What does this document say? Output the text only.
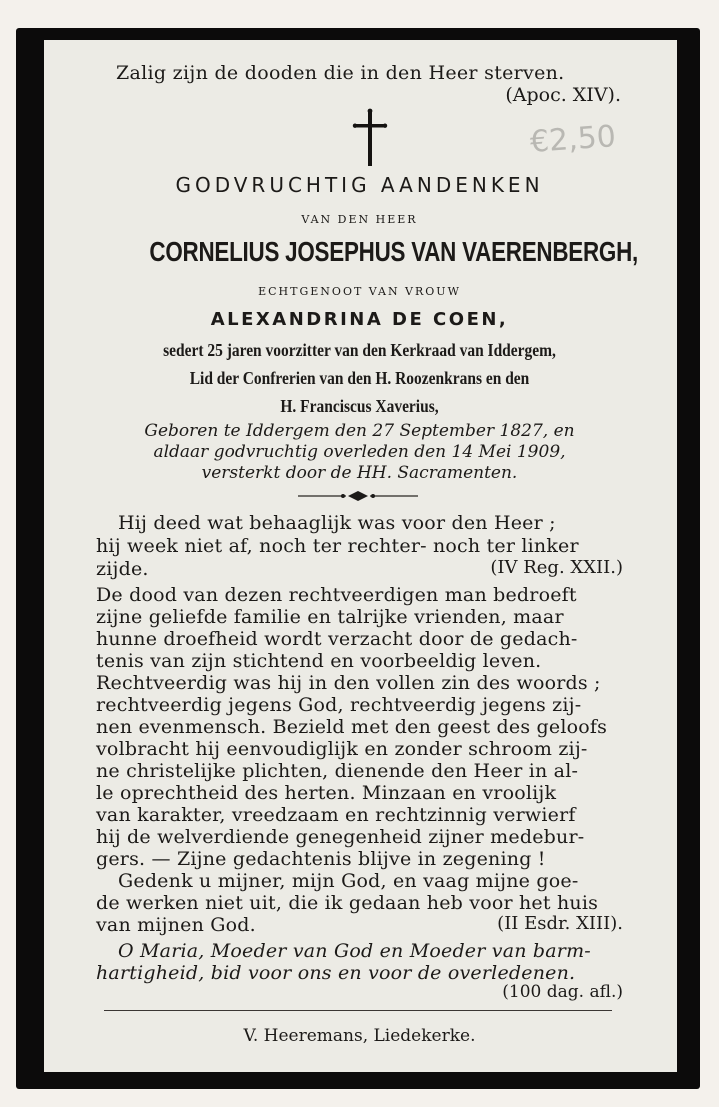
€2,50
Zalig zijn de dooden die in den Heer sterven.
(Apoc. XIV).
GODVRUCHTIG AANDENKEN
VAN DEN HEER
CORNELIUS JOSEPHUS VAN VAERENBERGH,
ECHTGENOOT VAN VROUW
ALEXANDRINA DE COEN,
sedert 25 jaren voorzitter van den Kerkraad van Iddergem,
Lid der Confrerien van den H. Roozenkrans en den
H. Franciscus Xaverius,
Geboren te Iddergem den 27 September 1827, en
aldaar godvruchtig overleden den 14 Mei 1909,
versterkt door de HH. Sacramenten.
Hij deed wat behaaglijk was voor den Heer ;
hij week niet af, noch ter rechter- noch ter linker
zijde.	(IV Reg. XXII.)
De dood van dezen rechtveerdigen man bedroeft
zijne geliefde familie en talrijke vrienden, maar
hunne droefheid wordt verzacht door de gedach-
tenis van zijn stichtend en voorbeeldig leven.
Rechtveerdig was hij in den vollen zin des woords ;
rechtveerdig jegens God, rechtveerdig jegens zij-
nen evenmensch. Bezield met den geest des geloofs
volbracht hij eenvoudiglijk en zonder schroom zij-
ne christelijke plichten, dienende den Heer in al-
le oprechtheid des herten. Minzaan en vroolijk
van karakter, vreedzaam en rechtzinnig verwierf
hij de welverdiende genegenheid zijner medebur-
gers. — Zijne gedachtenis blijve in zegening !
Gedenk u mijner, mijn God, en vaag mijne goe-
de werken niet uit, die ik gedaan heb voor het huis
van mijnen God.	(II Esdr. XIII).
O Maria, Moeder van God en Moeder van barm-
hartigheid, bid voor ons en voor de overledenen.
(100 dag. afl.)
V. Heeremans, Liedekerke.
